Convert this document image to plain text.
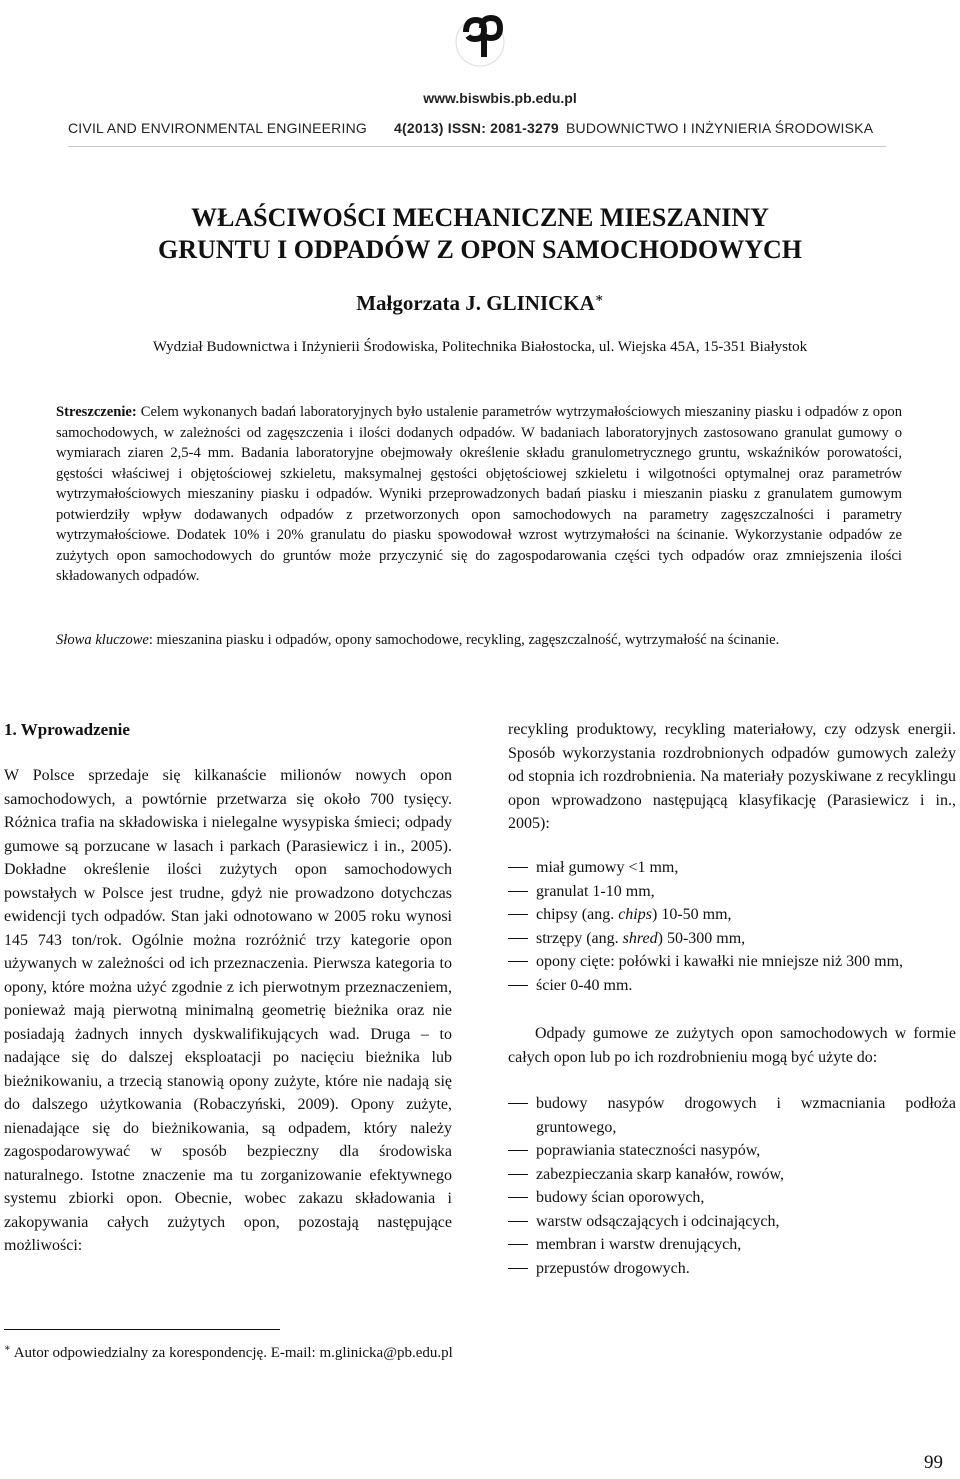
www.biswbis.pb.edu.pl
CIVIL AND ENVIRONMENTAL ENGINEERING 4(2013) ISSN: 2081-3279 BUDOWNICTWO I INŻYNIERIA ŚRODOWISKA
WŁAŚCIWOŚCI MECHANICZNE MIESZANINY
GRUNTU I ODPADÓW Z OPON SAMOCHODOWYCH
Małgorzata J. GLINICKA∗
Wydział Budownictwa i Inżynierii Środowiska, Politechnika Białostocka, ul. Wiejska 45A, 15-351 Białystok
Streszczenie: Celem wykonanych badań laboratoryjnych było ustalenie parametrów wytrzymałościowych mieszaniny piasku i odpadów z opon samochodowych, w zależności od zagęszczenia i ilości dodanych odpadów. W badaniach laboratoryjnych zastosowano granulat gumowy o wymiarach ziaren 2,5-4 mm. Badania laboratoryjne obejmowały określenie składu granulometrycznego gruntu, wskaźników porowatości, gęstości właściwej i objętościowej szkieletu, maksymalnej gęstości objętościowej szkieletu i wilgotności optymalnej oraz parametrów wytrzymałościowych mieszaniny piasku i odpadów. Wyniki przeprowadzonych badań piasku i mieszanin piasku z granulatem gumowym potwierdziły wpływ dodawanych odpadów z przetworzonych opon samochodowych na parametry zagęszczalności i parametry wytrzymałościowe. Dodatek 10% i 20% granulatu do piasku spowodował wzrost wytrzymałości na ścinanie. Wykorzystanie odpadów ze zużytych opon samochodowych do gruntów może przyczynić się do zagospodarowania części tych odpadów oraz zmniejszenia ilości składowanych odpadów.
Słowa kluczowe: mieszanina piasku i odpadów, opony samochodowe, recykling, zagęszczalność, wytrzymałość na ścinanie.
1. Wprowadzenie
W Polsce sprzedaje się kilkanaście milionów nowych opon samochodowych, a powtórnie przetwarza się około 700 tysięcy. Różnica trafia na składowiska i nielegalne wysypiska śmieci; odpady gumowe są porzucane w lasach i parkach (Parasiewicz i in., 2005). Dokładne określenie ilości zużytych opon samochodowych powstałych w Polsce jest trudne, gdyż nie prowadzono dotychczas ewidencji tych odpadów. Stan jaki odnotowano w 2005 roku wynosi 145 743 ton/rok. Ogólnie można rozróżnić trzy kategorie opon używanych w zależności od ich przeznaczenia. Pierwsza kategoria to opony, które można użyć zgodnie z ich pierwotnym przeznaczeniem, ponieważ mają pierwotną minimalną geometrię bieżnika oraz nie posiadają żadnych innych dyskwalifikujących wad. Druga – to nadające się do dalszej eksploatacji po nacięciu bieżnika lub bieżnikowaniu, a trzecią stanowią opony zużyte, które nie nadają się do dalszego użytkowania (Robaczyński, 2009). Opony zużyte, nienadające się do bieżnikowania, są odpadem, który należy zagospodarowywać w sposób bezpieczny dla środowiska naturalnego. Istotne znaczenie ma tu zorganizowanie efektywnego systemu zbiorki opon. Obecnie, wobec zakazu składowania i zakopywania całych zużytych opon, pozostają następujące możliwości:
recykling produktowy, recykling materiałowy, czy odzysk energii. Sposób wykorzystania rozdrobnionych odpadów gumowych zależy od stopnia ich rozdrobnienia. Na materiały pozyskiwane z recyklingu opon wprowadzono następującą klasyfikację (Parasiewicz i in., 2005):
miał gumowy <1 mm,
granulat 1-10 mm,
chipsy (ang. chips) 10-50 mm,
strzępy (ang. shred) 50-300 mm,
opony cięte: połówki i kawałki nie mniejsze niż 300 mm,
ścier 0-40 mm.
Odpady gumowe ze zużytych opon samochodowych w formie całych opon lub po ich rozdrobnieniu mogą być użyte do:
budowy nasypów drogowych i wzmacniania podłoża gruntowego,
poprawiania stateczności nasypów,
zabezpieczania skarp kanałów, rowów,
budowy ścian oporowych,
warstw odsączających i odcinających,
membran i warstw drenujących,
przepustów drogowych.
∗ Autor odpowiedzialny za korespondencję. E-mail: m.glinicka@pb.edu.pl
99
